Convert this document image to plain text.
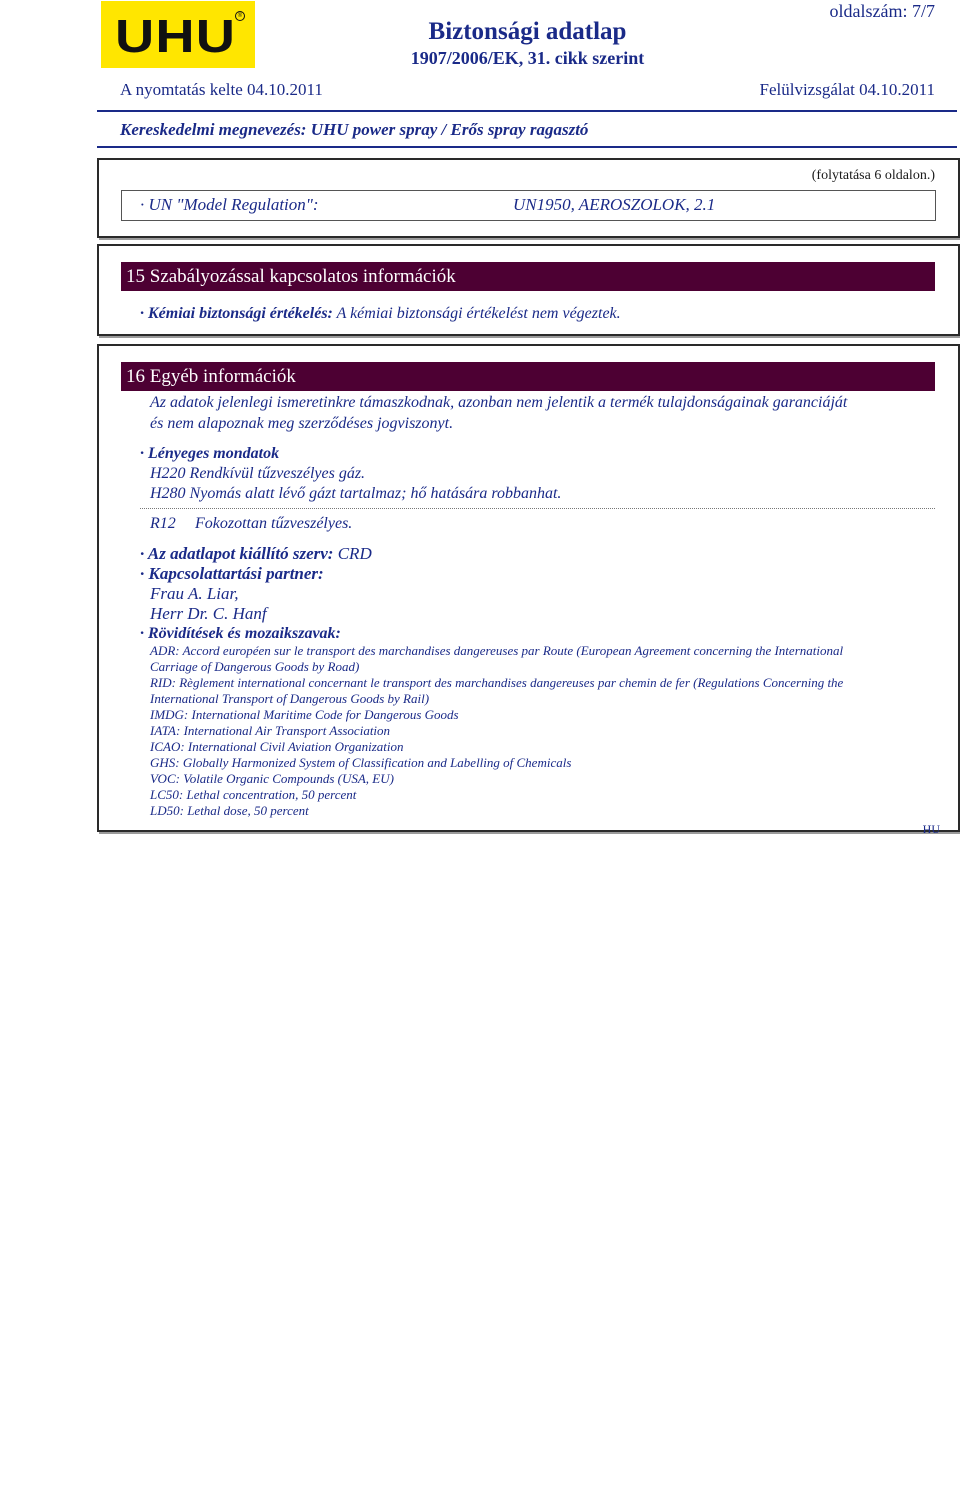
UHU ®
Biztonsági adatlap
1907/2006/EK, 31. cikk szerint
oldalszám: 7/7
A nyomtatás kelte 04.10.2011	Felülvizsgálat 04.10.2011
Kereskedelmi megnevezés: UHU power spray / Erős spray ragasztó
(folytatása 6 oldalon.)
· UN "Model Regulation":	UN1950, AEROSZOLOK, 2.1
15 Szabályozással kapcsolatos információk
· Kémiai biztonsági értékelés: A kémiai biztonsági értékelést nem végeztek.
16 Egyéb információk
Az adatok jelenlegi ismeretinkre támaszkodnak, azonban nem jelentik a termék tulajdonságainak garanciáját
és nem alapoznak meg szerződéses jogviszonyt.
· Lényeges mondatok
H220 Rendkívül tűzveszélyes gáz.
H280 Nyomás alatt lévő gázt tartalmaz; hő hatására robbanhat.
R12 Fokozottan tűzveszélyes.
· Az adatlapot kiállító szerv: CRD
· Kapcsolattartási partner:
Frau A. Liar,
Herr Dr. C. Hanf
· Rövidítések és mozaikszavak:
ADR: Accord européen sur le transport des marchandises dangereuses par Route (European Agreement concerning the International
Carriage of Dangerous Goods by Road)
RID: Règlement international concernant le transport des marchandises dangereuses par chemin de fer (Regulations Concerning the
International Transport of Dangerous Goods by Rail)
IMDG: International Maritime Code for Dangerous Goods
IATA: International Air Transport Association
ICAO: International Civil Aviation Organization
GHS: Globally Harmonized System of Classification and Labelling of Chemicals
VOC: Volatile Organic Compounds (USA, EU)
LC50: Lethal concentration, 50 percent
LD50: Lethal dose, 50 percent
HU
